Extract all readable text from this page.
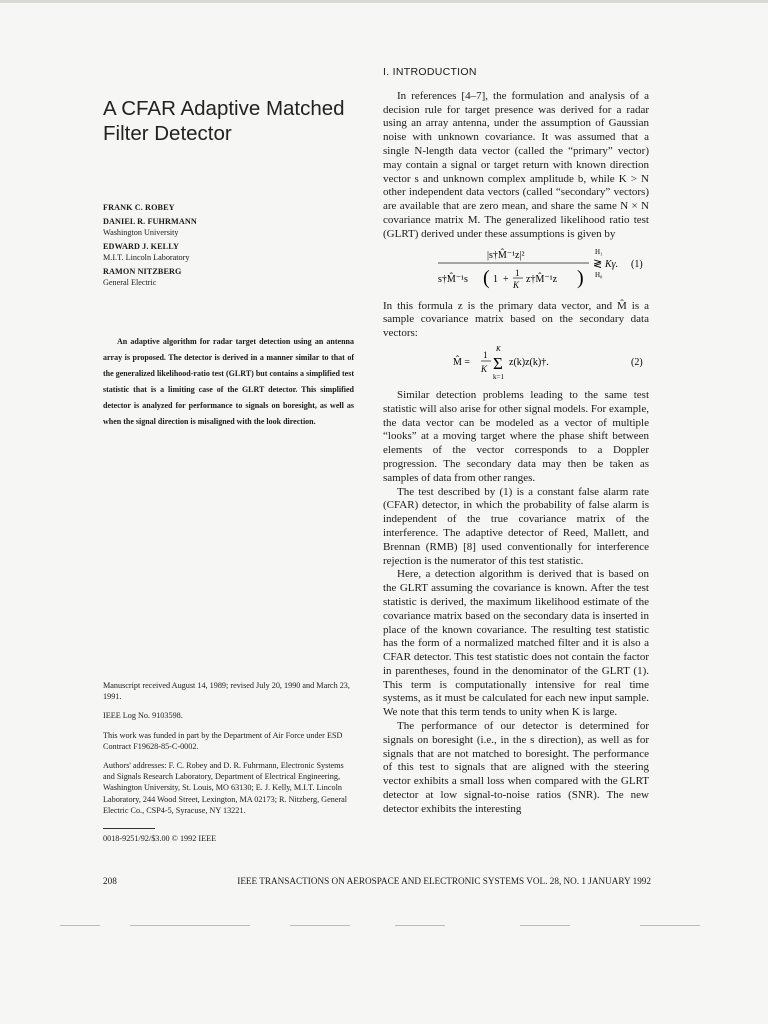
A CFAR Adaptive Matched Filter Detector
FRANK C. ROBEY
DANIEL R. FUHRMANN
Washington University
EDWARD J. KELLY
M.I.T. Lincoln Laboratory
RAMON NITZBERG
General Electric
An adaptive algorithm for radar target detection using an antenna array is proposed. The detector is derived in a manner similar to that of the generalized likelihood-ratio test (GLRT) but contains a simplified test statistic that is a limiting case of the GLRT detector. This simplified detector is analyzed for performance to signals on boresight, as well as when the signal direction is misaligned with the look direction.

Manuscript received August 14, 1989; revised July 20, 1990 and March 23, 1991.

IEEE Log No. 9103598.

This work was funded in part by the Department of Air Force under ESD Contract F19628-85-C-0002.

Authors' addresses: F. C. Robey and D. R. Fuhrmann, Electronic Systems and Signals Research Laboratory, Department of Electrical Engineering, Washington University, St. Louis, MO 63130; E. J. Kelly, M.I.T. Lincoln Laboratory, 244 Wood Street, Lexington, MA 02173; R. Nitzberg, General Electric Co., CSP4-5, Syracuse, NY 13221.

0018-9251/92/$3.00 © 1992 IEEE
I. INTRODUCTION

In references [4–7], the formulation and analysis of a decision rule for target presence was derived for a radar using an array antenna, under the assumption of Gaussian noise with unknown covariance. It was assumed that a single N-length data vector (called the “primary” vector) may contain a signal or target return with known direction vector s and unknown complex amplitude b, while K > N other independent data vectors (called “secondary” vectors) are available that are zero mean, and share the same N × N covariance matrix M. The generalized likelihood ratio test (GLRT) derived under these assumptions is given by

|s†M̂⁻¹z|²
s†M̂⁻¹s ( 1 +
1
K z†M̂⁻¹z )
H₁
≷ Kγ.
H₀
(1)

In this formula z is the primary data vector, and M̂ is a sample covariance matrix based on the secondary data vectors:

M̂ =
1
K
K
Σ
k=1
z(k)z(k)†.	(2)

Similar detection problems leading to the same test statistic will also arise for other signal models. For example, the data vector can be modeled as a vector of multiple “looks” at a moving target where the phase shift between elements of the vector corresponds to a Doppler progression. The secondary data may then be taken as samples of data from other ranges.

The test described by (1) is a constant false alarm rate (CFAR) detector, in which the probability of false alarm is independent of the true covariance matrix of the interference. The adaptive detector of Reed, Mallett, and Brennan (RMB) [8] used conventionally for interference rejection is the numerator of this test statistic.

Here, a detection algorithm is derived that is based on the GLRT assuming the covariance is known. After the test statistic is derived, the maximum likelihood estimate of the covariance matrix based on the secondary data is inserted in place of the known covariance. The resulting test statistic has the form of a normalized matched filter and it is also a CFAR detector. This test statistic does not contain the factor in parentheses, found in the denominator of the GLRT (1). This term is computationally intensive for real time systems, as it must be calculated for each new input sample. We note that this term tends to unity when K is large.

The performance of our detector is determined for signals on boresight (i.e., in the s direction), as well as for signals that are not matched to boresight. The performance of this test to signals that are aligned with the steering vector exhibits a small loss when compared with the GLRT detector at low signal-to-noise ratios (SNR). The new detector exhibits the interesting

208	IEEE TRANSACTIONS ON AEROSPACE AND ELECTRONIC SYSTEMS VOL. 28, NO. 1 JANUARY 1992
